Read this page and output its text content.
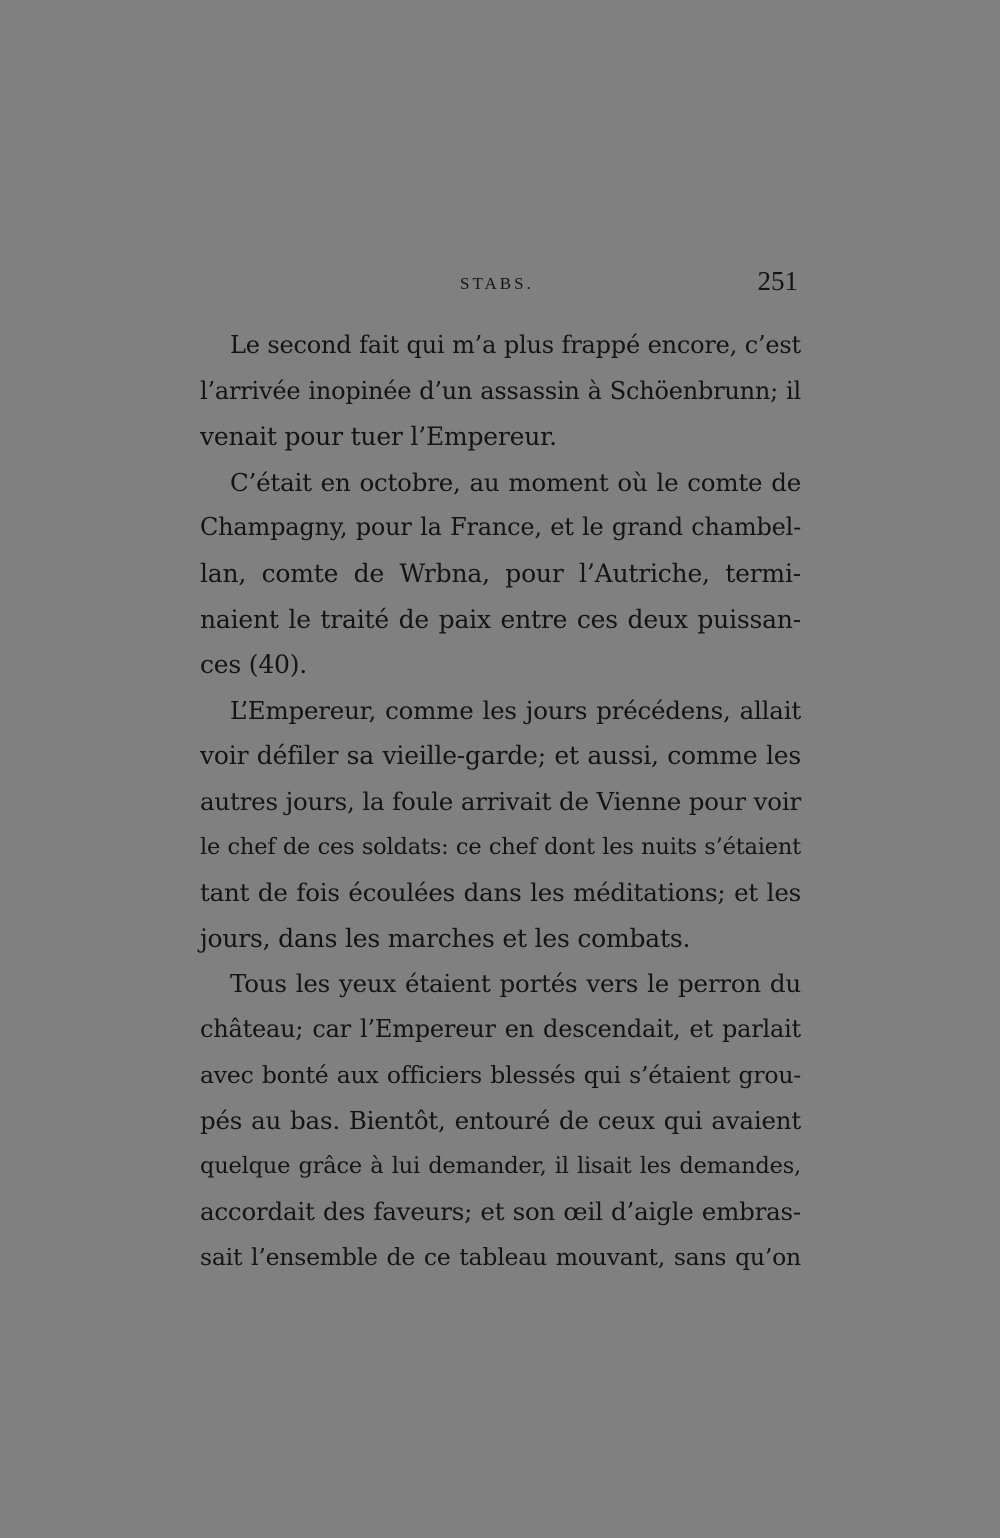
STABS.	251
Le second fait qui m’a plus frappé encore, c’est
l’arrivée inopinée d’un assassin à Schöenbrunn; il
venait pour tuer l’Empereur.
C’était en octobre, au moment où le comte de
Champagny, pour la France, et le grand chambel-
lan, comte de Wrbna, pour l’Autriche, termi-
naient le traité de paix entre ces deux puissan-
ces (40).
L’Empereur, comme les jours précédens, allait
voir défiler sa vieille-garde; et aussi, comme les
autres jours, la foule arrivait de Vienne pour voir
le chef de ces soldats: ce chef dont les nuits s’étaient
tant de fois écoulées dans les méditations; et les
jours, dans les marches et les combats.
Tous les yeux étaient portés vers le perron du
château; car l’Empereur en descendait, et parlait
avec bonté aux officiers blessés qui s’étaient grou-
pés au bas. Bientôt, entouré de ceux qui avaient
quelque grâce à lui demander, il lisait les demandes,
accordait des faveurs; et son œil d’aigle embras-
sait l’ensemble de ce tableau mouvant, sans qu’on
